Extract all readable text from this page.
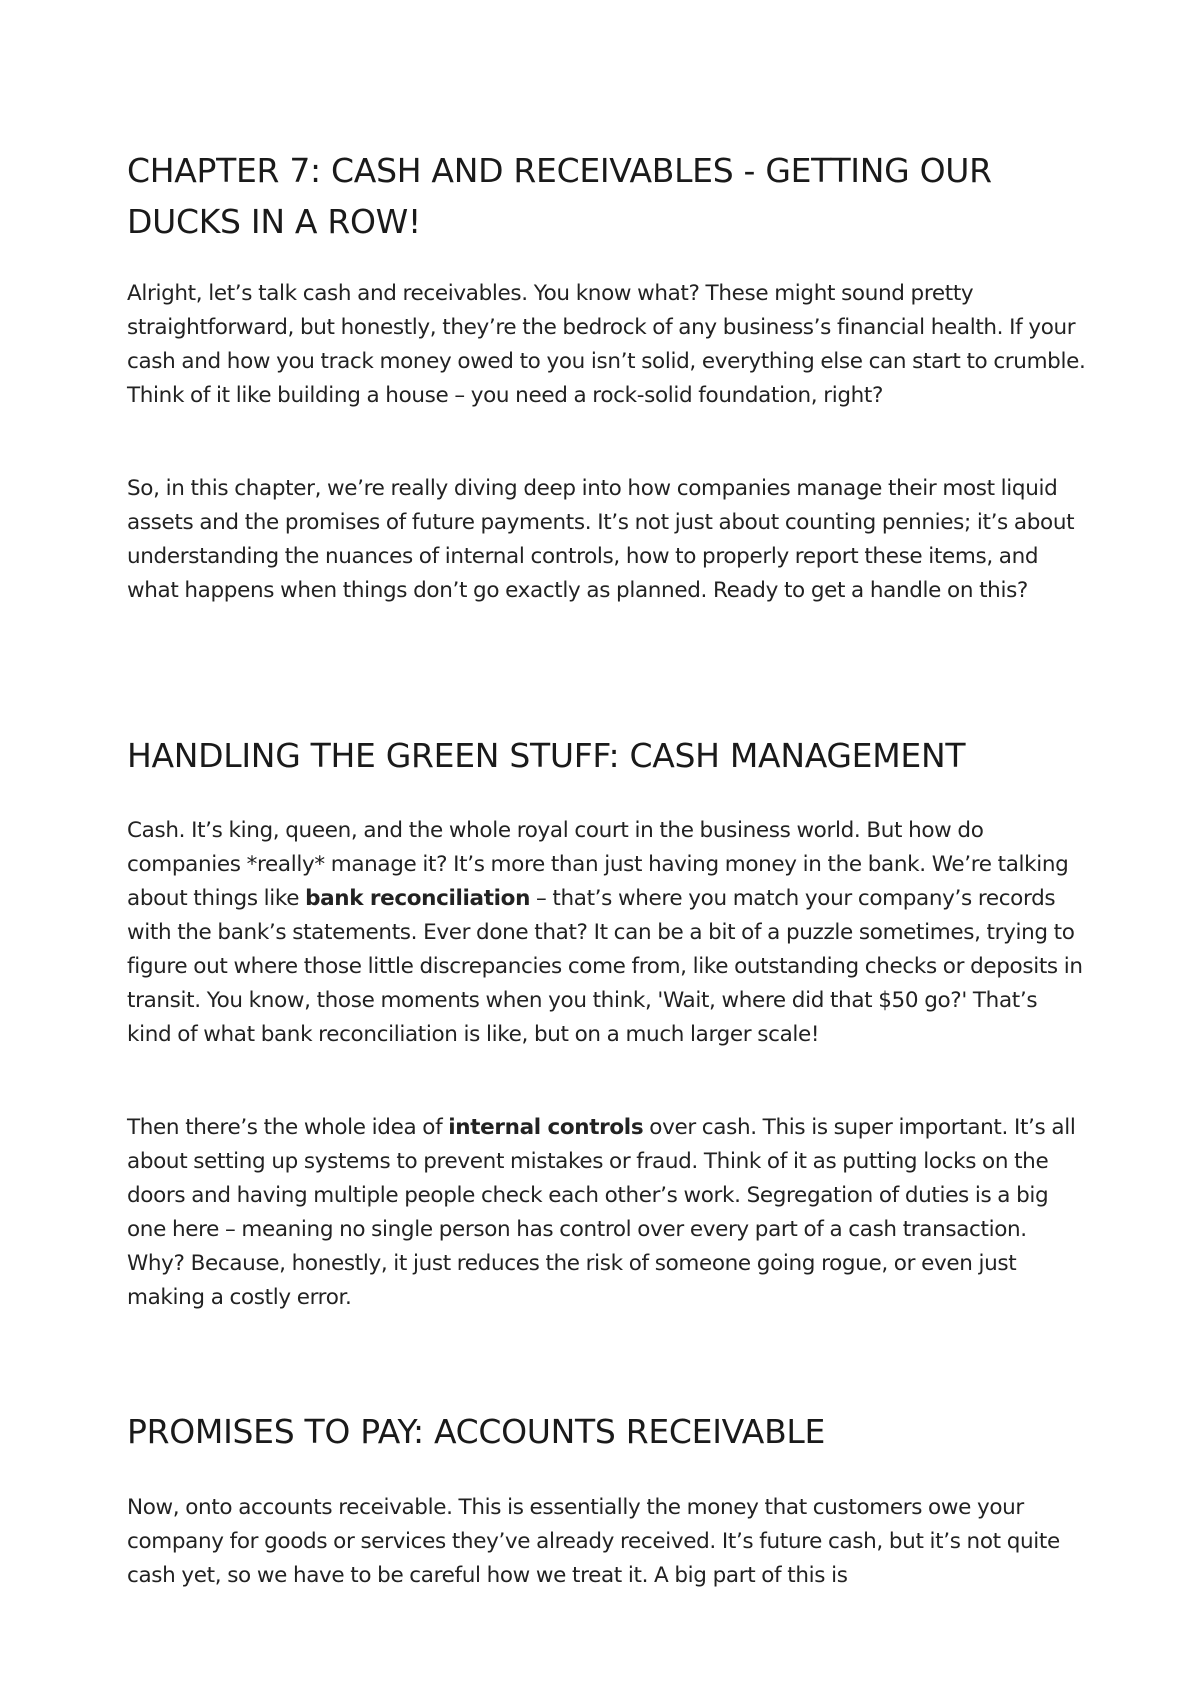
CHAPTER 7: CASH AND RECEIVABLES - GETTING OUR DUCKS IN A ROW!

Alright, let’s talk cash and receivables. You know what? These might sound pretty straightforward, but honestly, they’re the bedrock of any business’s financial health. If your cash and how you track money owed to you isn’t solid, everything else can start to crumble. Think of it like building a house – you need a rock-solid foundation, right?

So, in this chapter, we’re really diving deep into how companies manage their most liquid assets and the promises of future payments. It’s not just about counting pennies; it’s about understanding the nuances of internal controls, how to properly report these items, and what happens when things don’t go exactly as planned. Ready to get a handle on this?

HANDLING THE GREEN STUFF: CASH MANAGEMENT

Cash. It’s king, queen, and the whole royal court in the business world. But how do companies *really* manage it? It’s more than just having money in the bank. We’re talking about things like bank reconciliation – that’s where you match your company’s records with the bank’s statements. Ever done that? It can be a bit of a puzzle sometimes, trying to figure out where those little discrepancies come from, like outstanding checks or deposits in transit. You know, those moments when you think, 'Wait, where did that $50 go?' That’s kind of what bank reconciliation is like, but on a much larger scale!

Then there’s the whole idea of internal controls over cash. This is super important. It’s all about setting up systems to prevent mistakes or fraud. Think of it as putting locks on the doors and having multiple people check each other’s work. Segregation of duties is a big one here – meaning no single person has control over every part of a cash transaction. Why? Because, honestly, it just reduces the risk of someone going rogue, or even just making a costly error.

PROMISES TO PAY: ACCOUNTS RECEIVABLE

Now, onto accounts receivable. This is essentially the money that customers owe your company for goods or services they’ve already received. It’s future cash, but it’s not quite cash yet, so we have to be careful how we treat it. A big part of this is
